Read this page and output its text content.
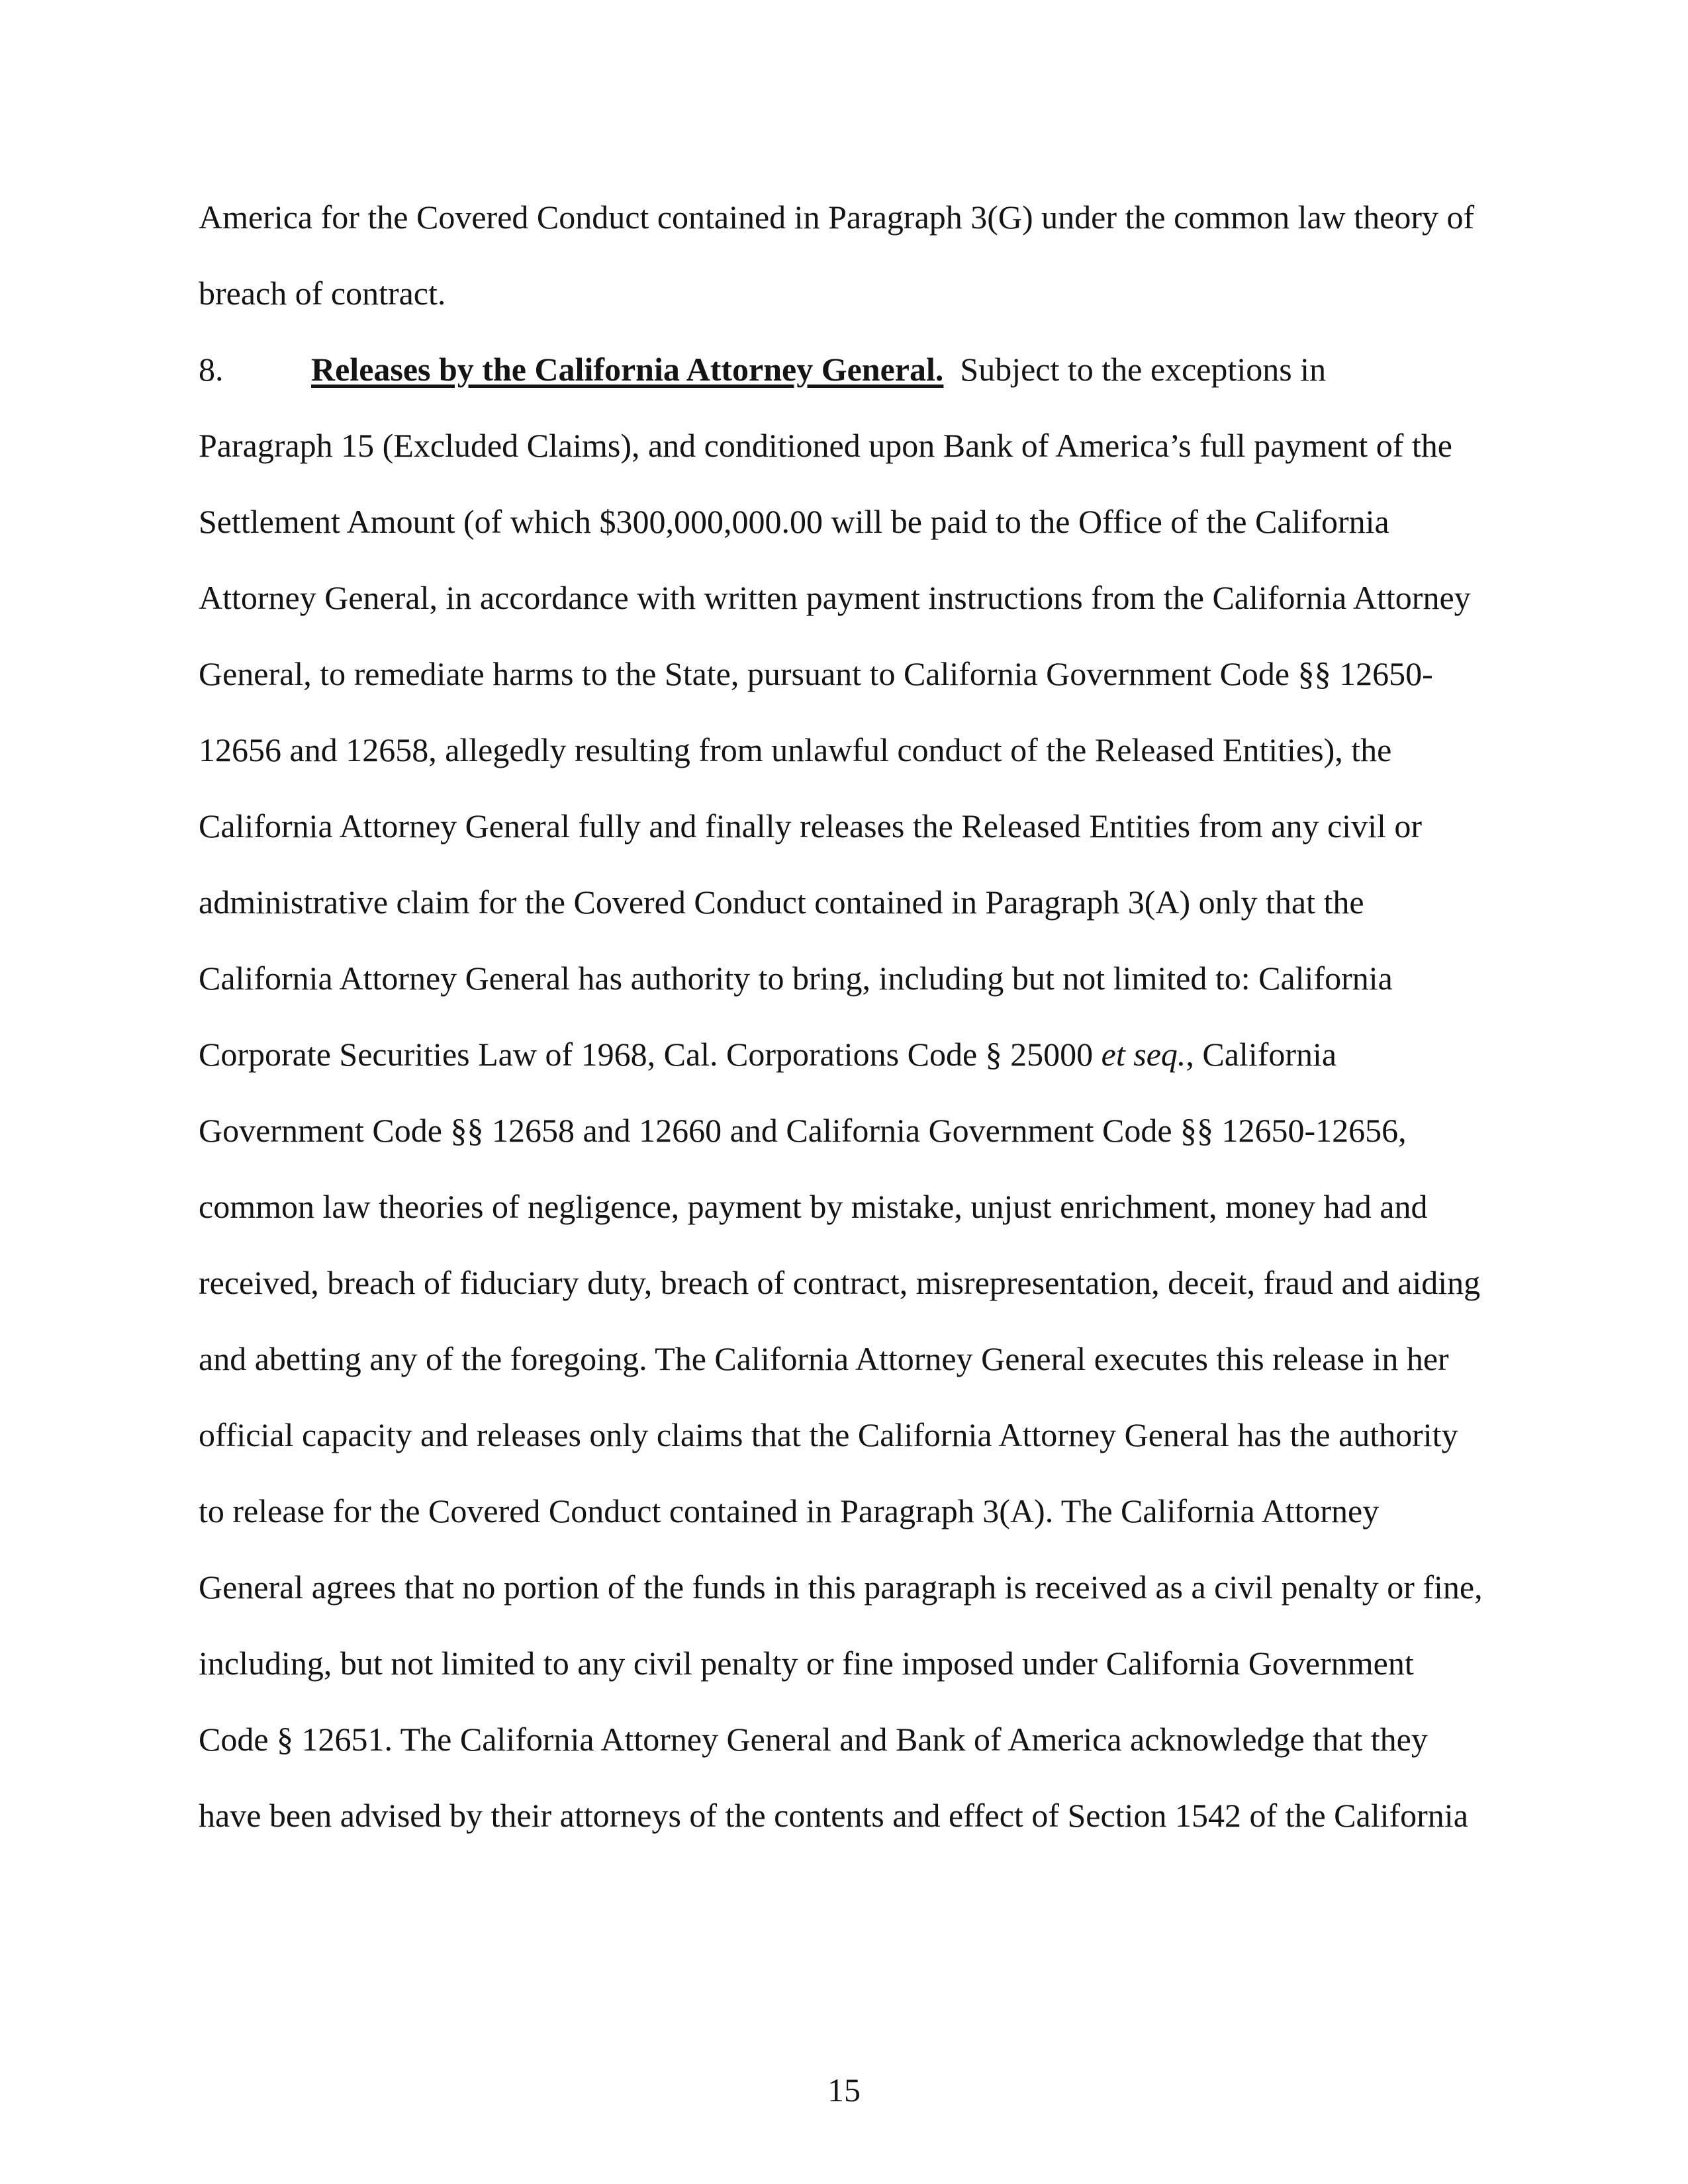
America for the Covered Conduct contained in Paragraph 3(G) under the common law theory of
breach of contract.
8.	Releases by the California Attorney General. Subject to the exceptions in
Paragraph 15 (Excluded Claims), and conditioned upon Bank of America’s full payment of the
Settlement Amount (of which $300,000,000.00 will be paid to the Office of the California
Attorney General, in accordance with written payment instructions from the California Attorney
General, to remediate harms to the State, pursuant to California Government Code §§ 12650-
12656 and 12658, allegedly resulting from unlawful conduct of the Released Entities), the
California Attorney General fully and finally releases the Released Entities from any civil or
administrative claim for the Covered Conduct contained in Paragraph 3(A) only that the
California Attorney General has authority to bring, including but not limited to: California
Corporate Securities Law of 1968, Cal. Corporations Code § 25000 et seq., California
Government Code §§ 12658 and 12660 and California Government Code §§ 12650-12656,
common law theories of negligence, payment by mistake, unjust enrichment, money had and
received, breach of fiduciary duty, breach of contract, misrepresentation, deceit, fraud and aiding
and abetting any of the foregoing. The California Attorney General executes this release in her
official capacity and releases only claims that the California Attorney General has the authority
to release for the Covered Conduct contained in Paragraph 3(A). The California Attorney
General agrees that no portion of the funds in this paragraph is received as a civil penalty or fine,
including, but not limited to any civil penalty or fine imposed under California Government
Code § 12651. The California Attorney General and Bank of America acknowledge that they
have been advised by their attorneys of the contents and effect of Section 1542 of the California
15
